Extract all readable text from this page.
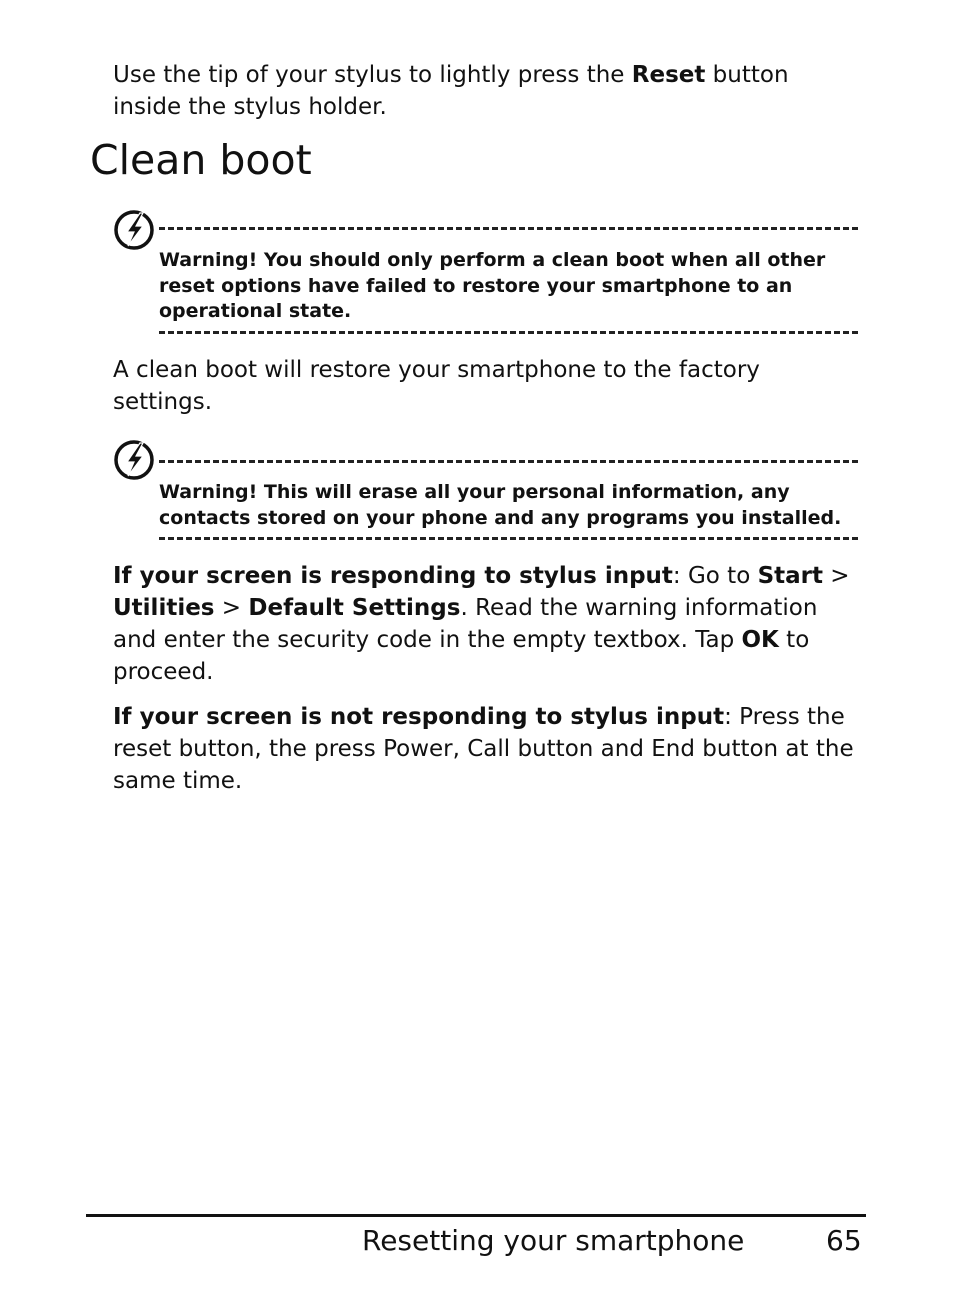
Use the tip of your stylus to lightly press the Reset button inside the stylus holder.

Clean boot

Warning! You should only perform a clean boot when all other reset options have failed to restore your smartphone to an operational state.

A clean boot will restore your smartphone to the factory settings.

Warning! This will erase all your personal information, any contacts stored on your phone and any programs you installed.

If your screen is responding to stylus input: Go to Start > Utilities > Default Settings. Read the warning information and enter the security code in the empty textbox. Tap OK to proceed.

If your screen is not responding to stylus input: Press the reset button, the press Power, Call button and End button at the same time.

Resetting your smartphone	65
